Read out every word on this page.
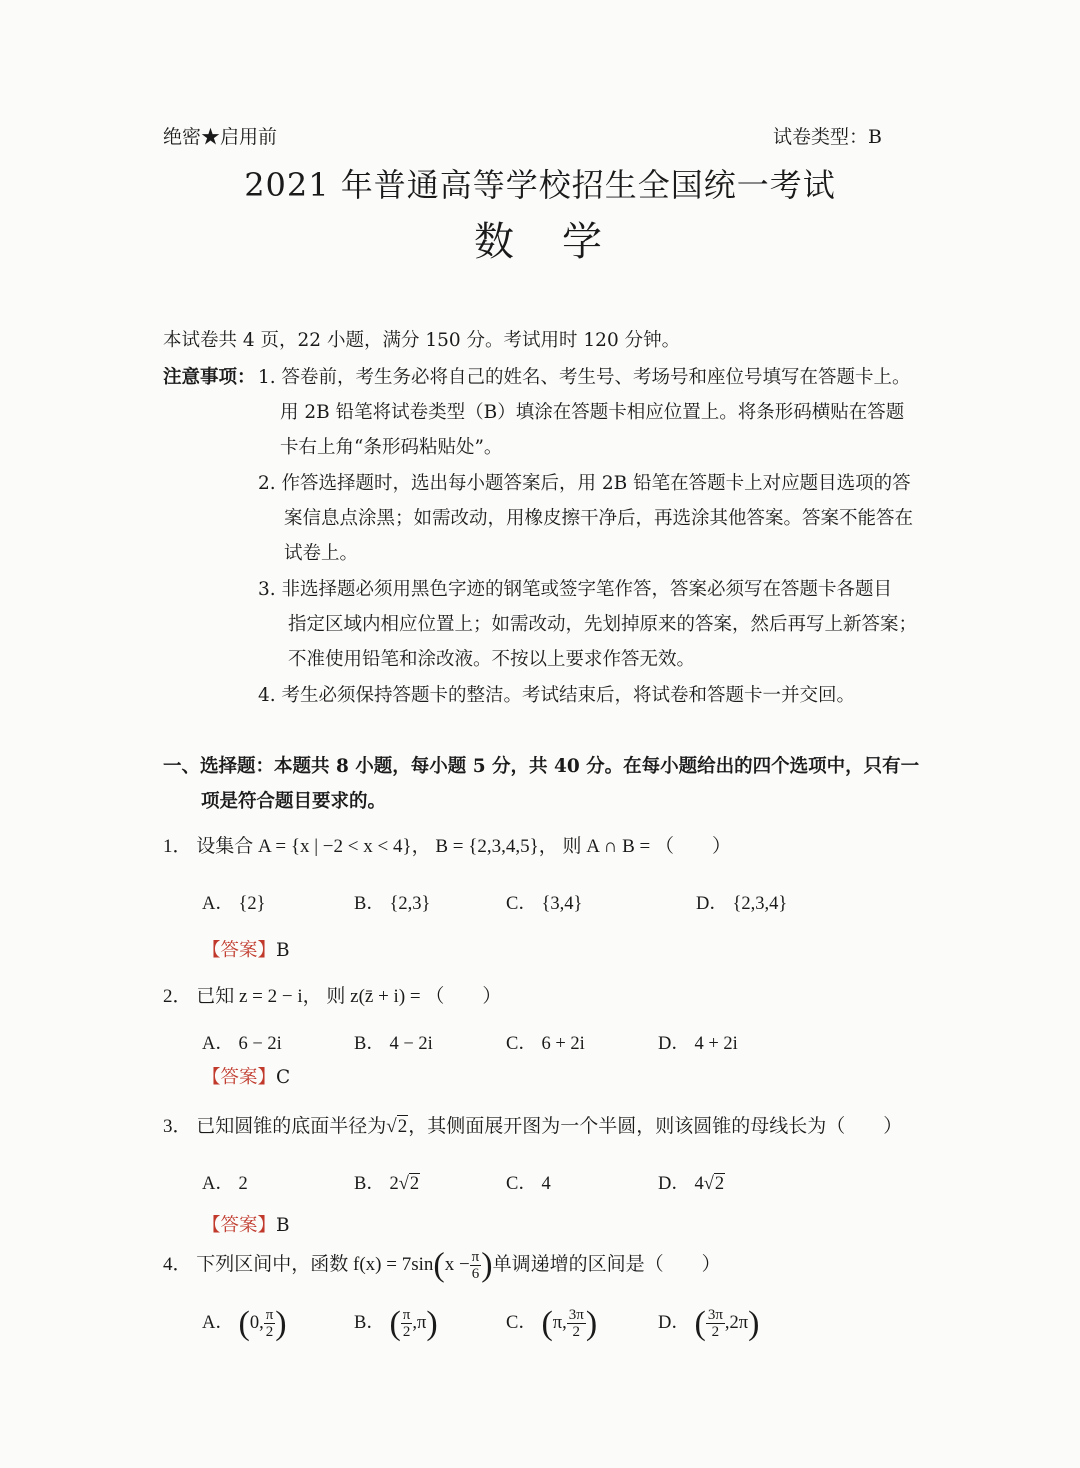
绝密★启用前	试卷类型：B
2021 年普通高等学校招生全国统一考试
数　学
本试卷共 4 页，22 小题，满分 150 分。考试用时 120 分钟。
注意事项： 1. 答卷前，考生务必将自己的姓名、考生号、考场号和座位号填写在答题卡上。
用 2B 铅笔将试卷类型（B）填涂在答题卡相应位置上。将条形码横贴在答题
卡右上角“条形码粘贴处”。
2. 作答选择题时，选出每小题答案后，用 2B 铅笔在答题卡上对应题目选项的答
案信息点涂黑；如需改动，用橡皮擦干净后，再选涂其他答案。答案不能答在
试卷上。
3. 非选择题必须用黑色字迹的钢笔或签字笔作答，答案必须写在答题卡各题目
指定区域内相应位置上；如需改动，先划掉原来的答案，然后再写上新答案；
不准使用铅笔和涂改液。不按以上要求作答无效。
4. 考生必须保持答题卡的整洁。考试结束后，将试卷和答题卡一并交回。
一、选择题：本题共 8 小题，每小题 5 分，共 40 分。在每小题给出的四个选项中，只有一
项是符合题目要求的。
1． 设集合 A = {x | −2 < x < 4}， B = {2,3,4,5}， 则 A ∩ B = （　　）
A． {2}	B． {2,3}	C． {3,4}	D． {2,3,4}
【答案】B
2． 已知 z = 2 − i， 则 z(z̄ + i) = （　　）
A． 6 − 2i	B． 4 − 2i	C． 6 + 2i	D． 4 + 2i
【答案】C
3． 已知圆锥的底面半径为√2，其侧面展开图为一个半圆，则该圆锥的母线长为（　　）
A． 2	B． 2√2	C． 4	D． 4√2
【答案】B
4． 下列区间中，函数 $f(x) = 7\sin(x - \frac{\pi}{6}$ )单调递增的区间是（　　）
A． (0, $\frac{\pi}{2}$ )	B． ( $\frac{\pi}{2} ,\pi$)	C． (π, $\frac{3\pi}{2}$ )	D． ( $\frac{3\pi}{2} ,2\pi$)
